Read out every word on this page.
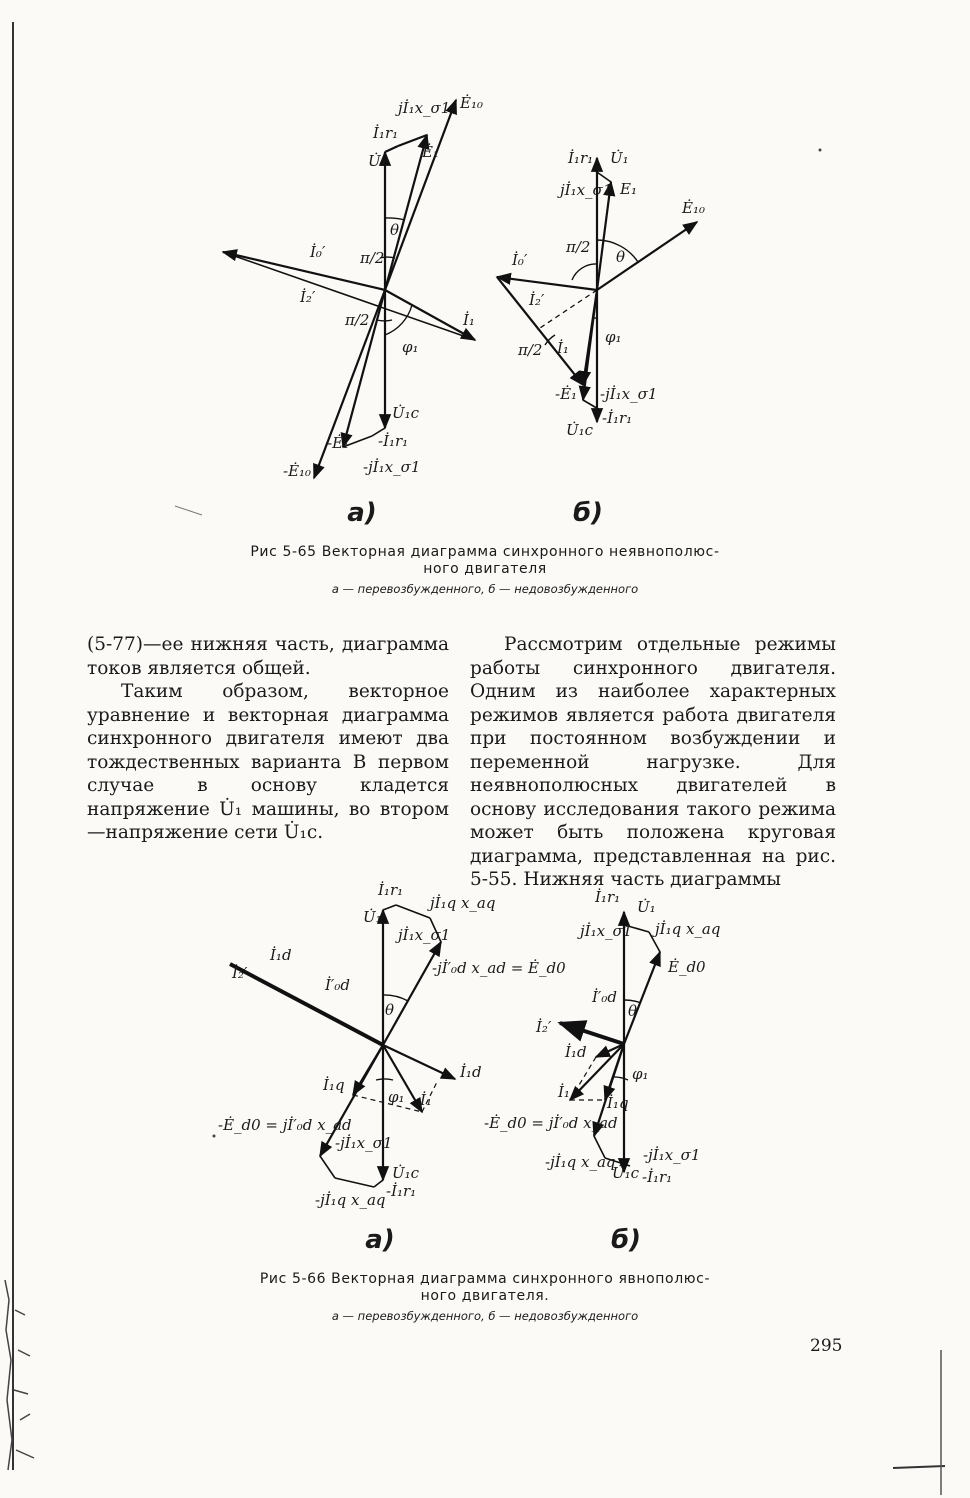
jİ₁x_σ1 Ė₁₀
İ₁r₁
Ė₁
U̇₁
θ
İ₀′ π/2
İ₂′
π/2	İ₁
φ₁
U̇₁c
-Ė₁ -İ₁r₁
-Ė₁₀	-jİ₁x_σ1
İ₁r₁ U̇₁
jİ₁x_σ1 E₁
Ė₁₀
İ₀′
π/2
θ
İ₂′
φ₁
π/2 İ₁
-Ė₁ -jİ₁x_σ1
U̇₁c
-İ₁r₁
а)	б)
Рис 5-65 Векторная диаграмма синхронного неявнополюс-
ного двигателя
а — перевозбужденного, б — недовозбужденного

(5-77)—ее нижняя часть, диаграмма токов является общей.

Таким образом, векторное уравнение и векторная диаграмма синхронного двигателя имеют два тождественных варианта В первом случае в основу кладется напряжение U̇₁ машины, во втором—напряжение сети U̇₁c.

Рассмотрим отдельные режимы работы синхронного двигателя. Одним из наиболее характерных режимов является работа двигателя при постоянном возбуждении и переменной нагрузке. Для неявнополюсных двигателей в основу исследования такого режима может быть положена круговая диаграмма, представленная на рис. 5-55. Нижняя часть диаграммы

İ₁r₁
jİ₁q x_aq
U̇₁
jİ₁x_σ1
İ₁d
-jİ′₀d x_ad = Ė_d0
İ₂′
İ′₀d
θ
İ₁d
İ₁q
φ₁ İ₁
-Ė_d0 = jİ′₀d x_ad
-jİ₁x_σ1
U̇₁c
-jİ₁q x_aq -İ₁r₁
İ₁r₁
U̇₁
jİ₁x_σ1 jİ₁q x_aq
Ė_d0
İ′₀d
θ
İ₂′
İ₁d
φ₁
İ₁
İ₁q
-Ė_d0 = jİ′₀d x_ad
-jİ₁q x_aq
U̇₁c
-jİ₁x_σ1
-İ₁r₁
а)	б)
Рис 5-66 Векторная диаграмма синхронного явнополюс-
ного двигателя.
а — перевозбужденного, б — недовозбужденного
295
